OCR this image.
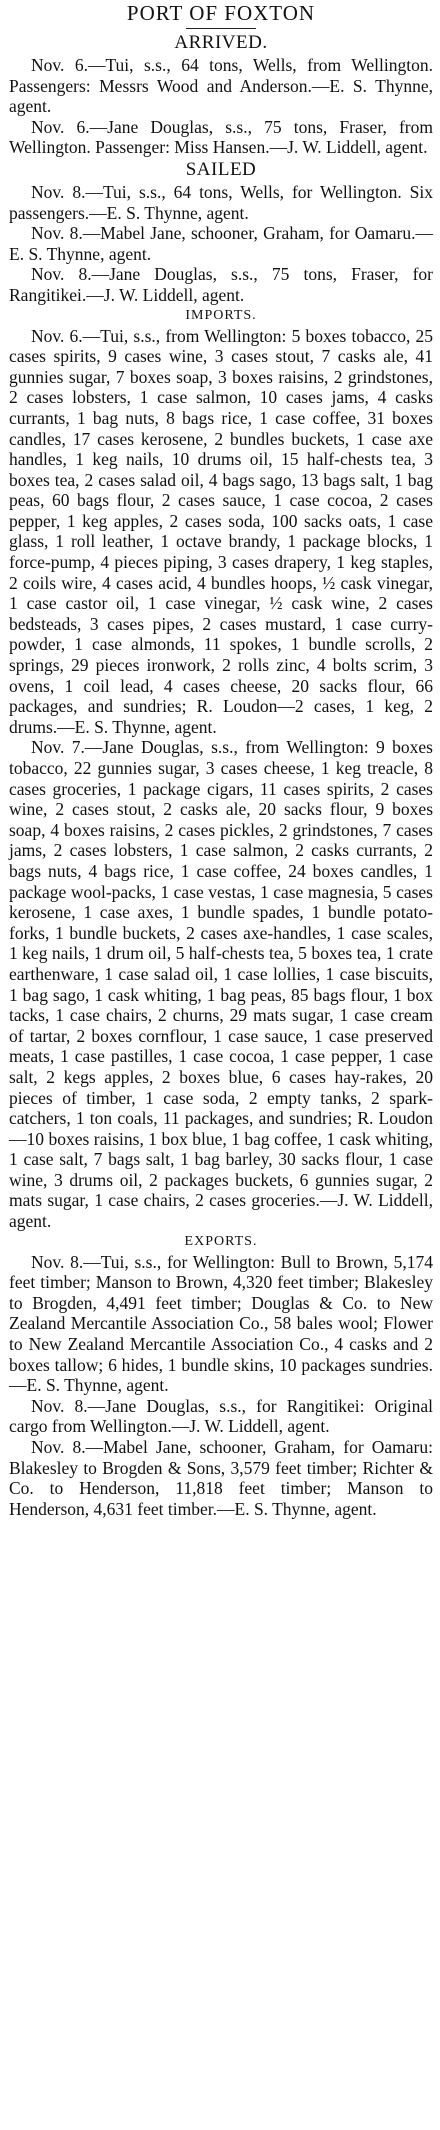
PORT OF FOXTON
ARRIVED.

Nov. 6.—Tui, s.s., 64 tons, Wells, from Wellington. Passengers: Messrs Wood and Anderson.—E. S. Thynne, agent.

Nov. 6.—Jane Douglas, s.s., 75 tons, Fraser, from Wellington. Passenger: Miss Hansen.—J. W. Liddell, agent.

SAILED

Nov. 8.—Tui, s.s., 64 tons, Wells, for Wellington. Six passengers.—E. S. Thynne, agent.

Nov. 8.—Mabel Jane, schooner, Graham, for Oamaru.—E. S. Thynne, agent.

Nov. 8.—Jane Douglas, s.s., 75 tons, Fraser, for Rangitikei.—J. W. Liddell, agent.

IMPORTS.

Nov. 6.—Tui, s.s., from Wellington: 5 boxes tobacco, 25 cases spirits, 9 cases wine, 3 cases stout, 7 casks ale, 41 gunnies sugar, 7 boxes soap, 3 boxes raisins, 2 grindstones, 2 cases lobsters, 1 case salmon, 10 cases jams, 4 casks currants, 1 bag nuts, 8 bags rice, 1 case coffee, 31 boxes candles, 17 cases kerosene, 2 bundles buckets, 1 case axe handles, 1 keg nails, 10 drums oil, 15 half-chests tea, 3 boxes tea, 2 cases salad oil, 4 bags sago, 13 bags salt, 1 bag peas, 60 bags flour, 2 cases sauce, 1 case cocoa, 2 cases pepper, 1 keg apples, 2 cases soda, 100 sacks oats, 1 case glass, 1 roll leather, 1 octave brandy, 1 package blocks, 1 force-pump, 4 pieces piping, 3 cases drapery, 1 keg staples, 2 coils wire, 4 cases acid, 4 bundles hoops, ½ cask vinegar, 1 case castor oil, 1 case vinegar, ½ cask wine, 2 cases bedsteads, 3 cases pipes, 2 cases mustard, 1 case curry-powder, 1 case almonds, 11 spokes, 1 bundle scrolls, 2 springs, 29 pieces ironwork, 2 rolls zinc, 4 bolts scrim, 3 ovens, 1 coil lead, 4 cases cheese, 20 sacks flour, 66 packages, and sundries; R. Loudon—2 cases, 1 keg, 2 drums.—E. S. Thynne, agent.

Nov. 7.—Jane Douglas, s.s., from Wellington: 9 boxes tobacco, 22 gunnies sugar, 3 cases cheese, 1 keg treacle, 8 cases groceries, 1 package cigars, 11 cases spirits, 2 cases wine, 2 cases stout, 2 casks ale, 20 sacks flour, 9 boxes soap, 4 boxes raisins, 2 cases pickles, 2 grindstones, 7 cases jams, 2 cases lobsters, 1 case salmon, 2 casks currants, 2 bags nuts, 4 bags rice, 1 case coffee, 24 boxes candles, 1 package wool-packs, 1 case vestas, 1 case magnesia, 5 cases kerosene, 1 case axes, 1 bundle spades, 1 bundle potato-forks, 1 bundle buckets, 2 cases axe-handles, 1 case scales, 1 keg nails, 1 drum oil, 5 half-chests tea, 5 boxes tea, 1 crate earthenware, 1 case salad oil, 1 case lollies, 1 case biscuits, 1 bag sago, 1 cask whiting, 1 bag peas, 85 bags flour, 1 box tacks, 1 case chairs, 2 churns, 29 mats sugar, 1 case cream of tartar, 2 boxes cornflour, 1 case sauce, 1 case preserved meats, 1 case pastilles, 1 case cocoa, 1 case pepper, 1 case salt, 2 kegs apples, 2 boxes blue, 6 cases hay-rakes, 20 pieces of timber, 1 case soda, 2 empty tanks, 2 spark-catchers, 1 ton coals, 11 packages, and sundries; R. Loudon—10 boxes raisins, 1 box blue, 1 bag coffee, 1 cask whiting, 1 case salt, 7 bags salt, 1 bag barley, 30 sacks flour, 1 case wine, 3 drums oil, 2 packages buckets, 6 gunnies sugar, 2 mats sugar, 1 case chairs, 2 cases groceries.—J. W. Liddell, agent.

EXPORTS.

Nov. 8.—Tui, s.s., for Wellington: Bull to Brown, 5,174 feet timber; Manson to Brown, 4,320 feet timber; Blakesley to Brogden, 4,491 feet timber; Douglas & Co. to New Zealand Mercantile Association Co., 58 bales wool; Flower to New Zealand Mercantile Association Co., 4 casks and 2 boxes tallow; 6 hides, 1 bundle skins, 10 packages sundries.—E. S. Thynne, agent.

Nov. 8.—Jane Douglas, s.s., for Rangitikei: Original cargo from Wellington.—J. W. Liddell, agent.

Nov. 8.—Mabel Jane, schooner, Graham, for Oamaru: Blakesley to Brogden & Sons, 3,579 feet timber; Richter & Co. to Henderson, 11,818 feet timber; Manson to Henderson, 4,631 feet timber.—E. S. Thynne, agent.
